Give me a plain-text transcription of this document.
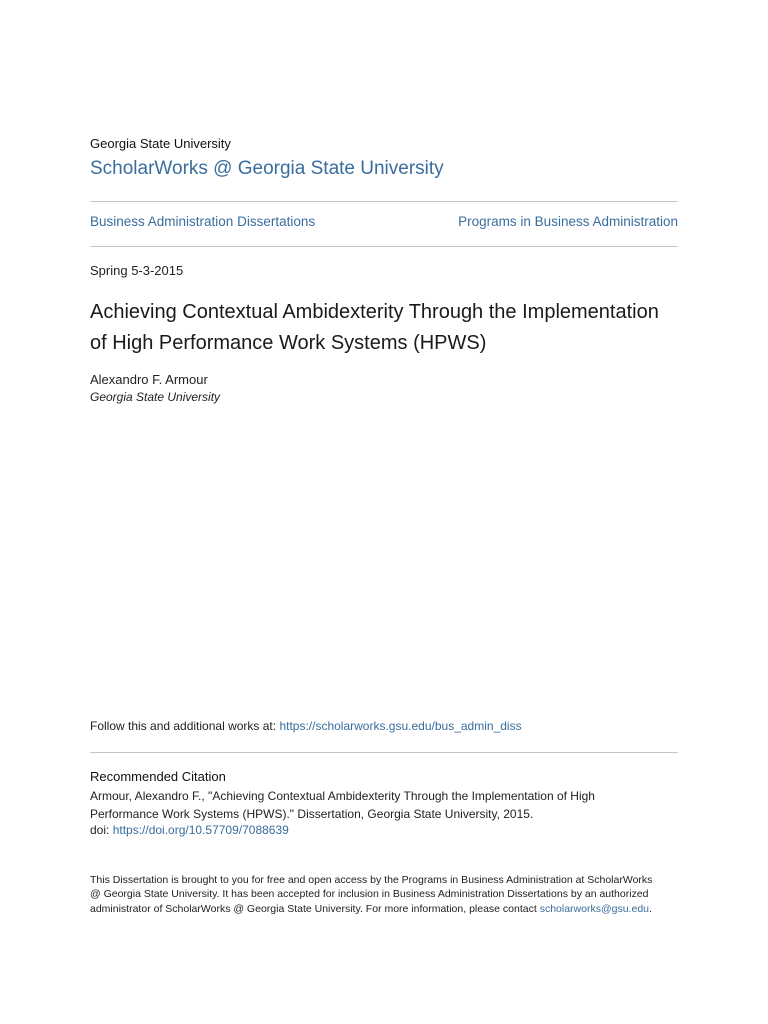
Georgia State University
ScholarWorks @ Georgia State University
Business Administration Dissertations	Programs in Business Administration
Spring 5-3-2015
Achieving Contextual Ambidexterity Through the Implementation of High Performance Work Systems (HPWS)
Alexandro F. Armour
Georgia State University
Follow this and additional works at: https://scholarworks.gsu.edu/bus_admin_diss
Recommended Citation
Armour, Alexandro F., "Achieving Contextual Ambidexterity Through the Implementation of High Performance Work Systems (HPWS)." Dissertation, Georgia State University, 2015.
doi: https://doi.org/10.57709/7088639
This Dissertation is brought to you for free and open access by the Programs in Business Administration at ScholarWorks @ Georgia State University. It has been accepted for inclusion in Business Administration Dissertations by an authorized administrator of ScholarWorks @ Georgia State University. For more information, please contact scholarworks@gsu.edu.
